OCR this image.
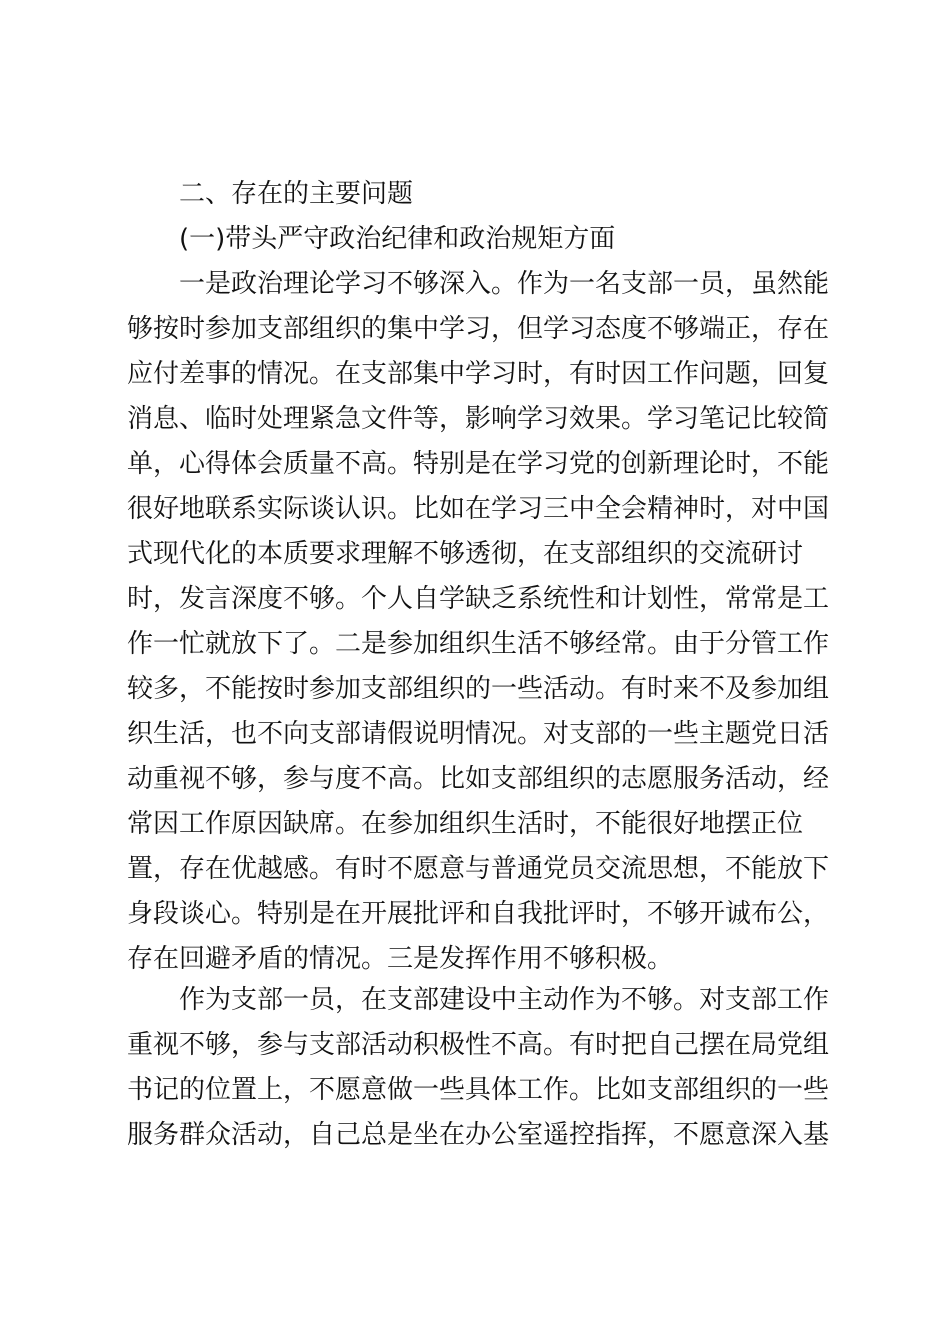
二、存在的主要问题
(一)带头严守政治纪律和政治规矩方面
　　一是政治理论学习不够深入。作为一名支部一员，虽然能
够按时参加支部组织的集中学习，但学习态度不够端正，存在
应付差事的情况。在支部集中学习时，有时因工作问题，回复
消息、临时处理紧急文件等，影响学习效果。学习笔记比较简
单，心得体会质量不高。特别是在学习党的创新理论时，不能
很好地联系实际谈认识。比如在学习三中全会精神时，对中国
式现代化的本质要求理解不够透彻，在支部组织的交流研讨
时，发言深度不够。个人自学缺乏系统性和计划性，常常是工
作一忙就放下了。二是参加组织生活不够经常。由于分管工作
较多，不能按时参加支部组织的一些活动。有时来不及参加组
织生活，也不向支部请假说明情况。对支部的一些主题党日活
动重视不够，参与度不高。比如支部组织的志愿服务活动，经
常因工作原因缺席。在参加组织生活时，不能很好地摆正位
置，存在优越感。有时不愿意与普通党员交流思想，不能放下
身段谈心。特别是在开展批评和自我批评时，不够开诚布公，
存在回避矛盾的情况。三是发挥作用不够积极。
　　作为支部一员，在支部建设中主动作为不够。对支部工作
重视不够，参与支部活动积极性不高。有时把自己摆在局党组
书记的位置上，不愿意做一些具体工作。比如支部组织的一些
服务群众活动，自己总是坐在办公室遥控指挥，不愿意深入基
